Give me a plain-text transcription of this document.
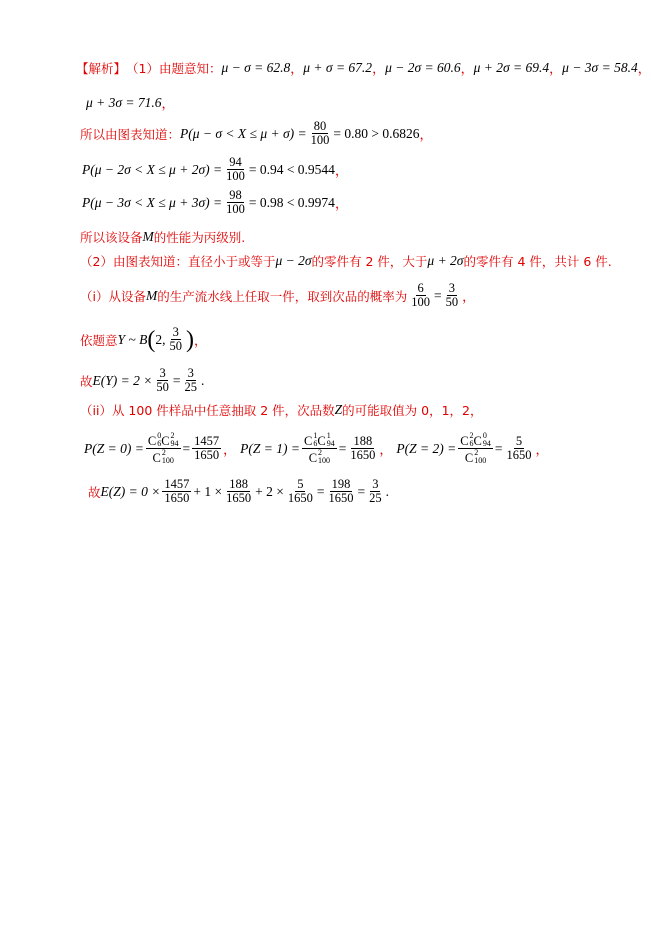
【解析】 （1）由题意知： μ − σ = 62.8 ， μ + σ = 67.2 ， μ − 2σ = 60.6 ， μ + 2σ = 69.4 ， μ − 3σ = 58.4 ，
μ + 3σ = 71.6 ，
所以由图表知道： $P(\mu - \sigma < X \le \mu + \sigma) = \frac{80}{100} = 0.80 > 0.6826$ ，
$P(\mu - 2\sigma < X \le \mu + 2\sigma) = \frac{94}{100} = 0.94 < 0.9544$ ，
$P(\mu - 3\sigma < X \le \mu + 3\sigma) = \frac{98}{100} = 0.98 < 0.9974$ ，
所以该设备 M 的性能为丙级别.
（2）由图表知道：直径小于或等于 μ − 2σ 的零件有 2 件，大于 μ + 2σ 的零件有 4 件，共计 6 件.
（i）从设备 M 的生产流水线上任取一件，取到次品的概率为 $\frac{6}{100} = \frac{3}{50}$ ，
依题意 Y ~ B ( 2, $\frac{3}{50}$ ) ，
故 $E(Y) = 2 \times \frac{3}{50} = \frac{3}{25}$ .
（ii）从 100 件样品中任意抽取 2 件，次品数 Z 的可能取值为 0，1，2，
P(Z = 0) = C 0
6 C 2
94
C 2
$100 = \frac{1457}{1650}$ ， P(Z = 1) = C 1
6 C 1
94
C 2
$100 = \frac{188}{1650}$ ， P(Z = 2) = C 2
6 C 0
94
C 2
$100 = \frac{5}{1650}$ ，
故 $E(Z) = 0 \times \frac{1457}{1650} + 1 \times \frac{188}{1650} + 2 \times \frac{5}{1650} = \frac{198}{1650} = \frac{3}{25}$ .
